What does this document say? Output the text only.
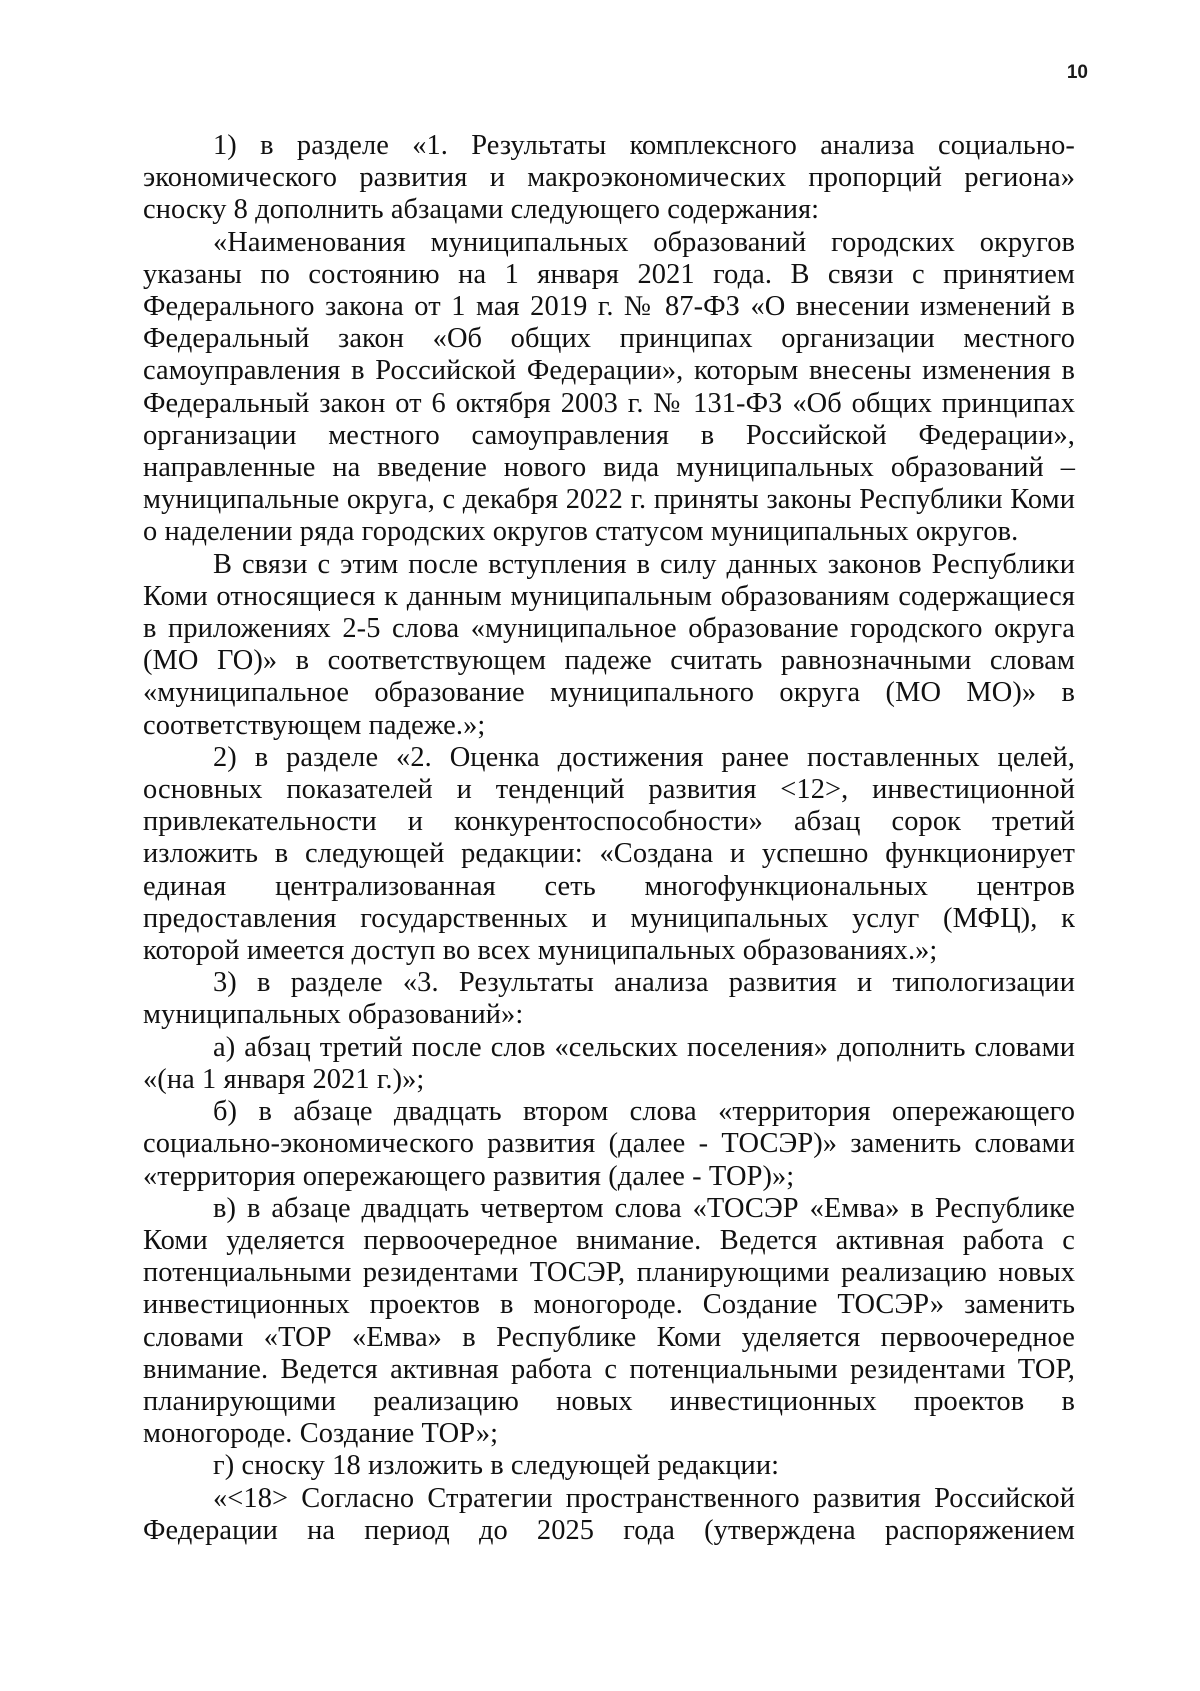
10

1) в разделе «1. Результаты комплексного анализа социально-экономического развития и макроэкономических пропорций региона» сноску 8 дополнить абзацами следующего содержания:

«Наименования муниципальных образований городских округов указаны по состоянию на 1 января 2021 года. В связи с принятием Федерального закона от 1 мая 2019 г. № 87-ФЗ «О внесении изменений в Федеральный закон «Об общих принципах организации местного самоуправления в Российской Федерации», которым внесены изменения в Федеральный закон от 6 октября 2003 г. № 131-ФЗ «Об общих принципах организации местного самоуправления в Российской Федерации», направленные на введение нового вида муниципальных образований – муниципальные округа, с декабря 2022 г. приняты законы Республики Коми о наделении ряда городских округов статусом муниципальных округов.

В связи с этим после вступления в силу данных законов Республики Коми относящиеся к данным муниципальным образованиям содержащиеся в приложениях 2-5 слова «муниципальное образование городского округа (МО ГО)» в соответствующем падеже считать равнозначными словам «муниципальное образование муниципального округа (МО МО)» в соответствующем падеже.»;

2) в разделе «2. Оценка достижения ранее поставленных целей, основных показателей и тенденций развития <12>, инвестиционной привлекательности и конкурентоспособности» абзац сорок третий изложить в следующей редакции: «Создана и успешно функционирует единая централизованная сеть многофункциональных центров предоставления государственных и муниципальных услуг (МФЦ), к которой имеется доступ во всех муниципальных образованиях.»;

3) в разделе «3. Результаты анализа развития и типологизации муниципальных образований»:

а) абзац третий после слов «сельских поселения» дополнить словами «(на 1 января 2021 г.)»;

б) в абзаце двадцать втором слова «территория опережающего социально-экономического развития (далее - ТОСЭР)» заменить словами «территория опережающего развития (далее - ТОР)»;

в) в абзаце двадцать четвертом слова «ТОСЭР «Емва» в Республике Коми уделяется первоочередное внимание. Ведется активная работа с потенциальными резидентами ТОСЭР, планирующими реализацию новых инвестиционных проектов в моногороде. Создание ТОСЭР» заменить словами «ТОР «Емва» в Республике Коми уделяется первоочередное внимание. Ведется активная работа с потенциальными резидентами ТОР, планирующими реализацию новых инвестиционных проектов в моногороде. Создание ТОР»;

г) сноску 18 изложить в следующей редакции:

«<18> Согласно Стратегии пространственного развития Российской Федерации на период до 2025 года (утверждена распоряжением
